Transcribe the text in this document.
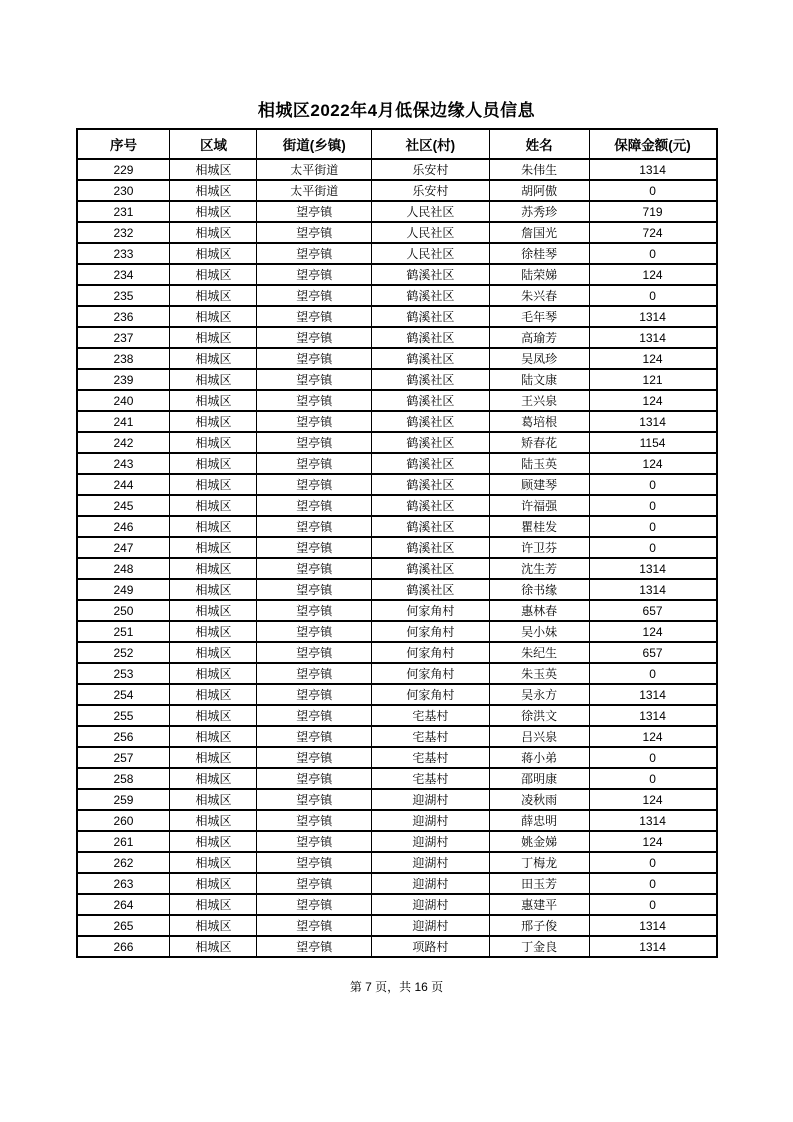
相城区2022年4月低保边缘人员信息
序号	区域	街道(乡镇)	社区(村)	姓名	保障金额(元)
229	相城区	太平街道	乐安村	朱伟生	1314
230	相城区	太平街道	乐安村	胡阿傲	0
231	相城区	望亭镇	人民社区	苏秀珍	719
232	相城区	望亭镇	人民社区	詹国光	724
233	相城区	望亭镇	人民社区	徐桂琴	0
234	相城区	望亭镇	鹤溪社区	陆荣娣	124
235	相城区	望亭镇	鹤溪社区	朱兴春	0
236	相城区	望亭镇	鹤溪社区	毛年琴	1314
237	相城区	望亭镇	鹤溪社区	高瑜芳	1314
238	相城区	望亭镇	鹤溪社区	吴凤珍	124
239	相城区	望亭镇	鹤溪社区	陆文康	121
240	相城区	望亭镇	鹤溪社区	王兴泉	124
241	相城区	望亭镇	鹤溪社区	葛培根	1314
242	相城区	望亭镇	鹤溪社区	矫春花	1154
243	相城区	望亭镇	鹤溪社区	陆玉英	124
244	相城区	望亭镇	鹤溪社区	顾建琴	0
245	相城区	望亭镇	鹤溪社区	许福强	0
246	相城区	望亭镇	鹤溪社区	瞿桂发	0
247	相城区	望亭镇	鹤溪社区	许卫芬	0
248	相城区	望亭镇	鹤溪社区	沈生芳	1314
249	相城区	望亭镇	鹤溪社区	徐书缘	1314
250	相城区	望亭镇	何家角村	惠林春	657
251	相城区	望亭镇	何家角村	吴小妹	124
252	相城区	望亭镇	何家角村	朱纪生	657
253	相城区	望亭镇	何家角村	朱玉英	0
254	相城区	望亭镇	何家角村	吴永方	1314
255	相城区	望亭镇	宅基村	徐洪文	1314
256	相城区	望亭镇	宅基村	吕兴泉	124
257	相城区	望亭镇	宅基村	蒋小弟	0
258	相城区	望亭镇	宅基村	邵明康	0
259	相城区	望亭镇	迎湖村	凌秋雨	124
260	相城区	望亭镇	迎湖村	薛忠明	1314
261	相城区	望亭镇	迎湖村	姚金娣	124
262	相城区	望亭镇	迎湖村	丁梅龙	0
263	相城区	望亭镇	迎湖村	田玉芳	0
264	相城区	望亭镇	迎湖村	惠建平	0
265	相城区	望亭镇	迎湖村	邢子俊	1314
266	相城区	望亭镇	项路村	丁金良	1314
第 7 页，共 16 页
